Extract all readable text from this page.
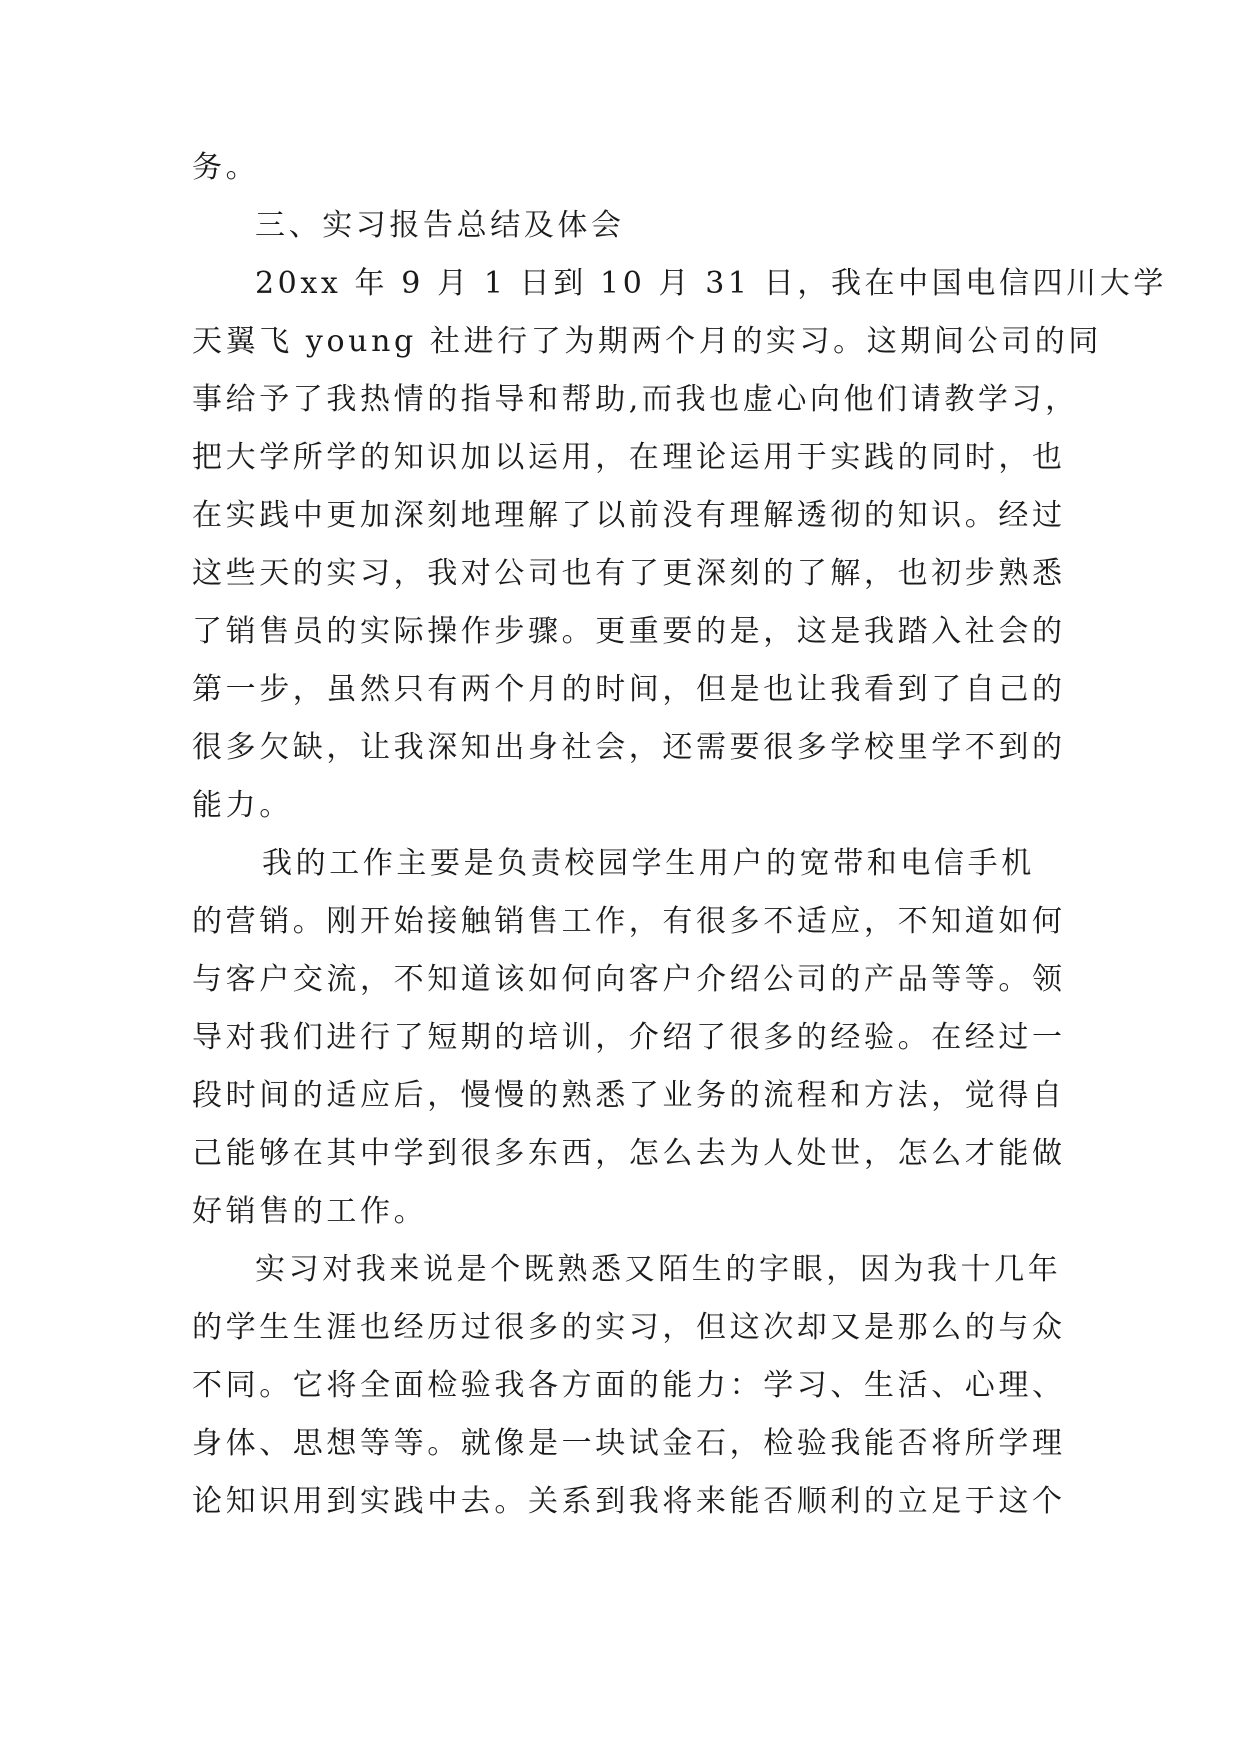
务。
三、实习报告总结及体会
20xx 年 9 月 1 日到 10 月 31 日，我在中国电信四川大学
天翼飞 young 社进行了为期两个月的实习。这期间公司的同
事给予了我热情的指导和帮助,而我也虚心向他们请教学习，
把大学所学的知识加以运用，在理论运用于实践的同时，也
在实践中更加深刻地理解了以前没有理解透彻的知识。经过
这些天的实习，我对公司也有了更深刻的了解，也初步熟悉
了销售员的实际操作步骤。更重要的是，这是我踏入社会的
第一步，虽然只有两个月的时间，但是也让我看到了自己的
很多欠缺，让我深知出身社会，还需要很多学校里学不到的
能力。
我的工作主要是负责校园学生用户的宽带和电信手机
的营销。刚开始接触销售工作，有很多不适应，不知道如何
与客户交流，不知道该如何向客户介绍公司的产品等等。领
导对我们进行了短期的培训，介绍了很多的经验。在经过一
段时间的适应后，慢慢的熟悉了业务的流程和方法，觉得自
己能够在其中学到很多东西，怎么去为人处世，怎么才能做
好销售的工作。
实习对我来说是个既熟悉又陌生的字眼，因为我十几年
的学生生涯也经历过很多的实习，但这次却又是那么的与众
不同。它将全面检验我各方面的能力：学习、生活、心理、
身体、思想等等。就像是一块试金石，检验我能否将所学理
论知识用到实践中去。关系到我将来能否顺利的立足于这个
